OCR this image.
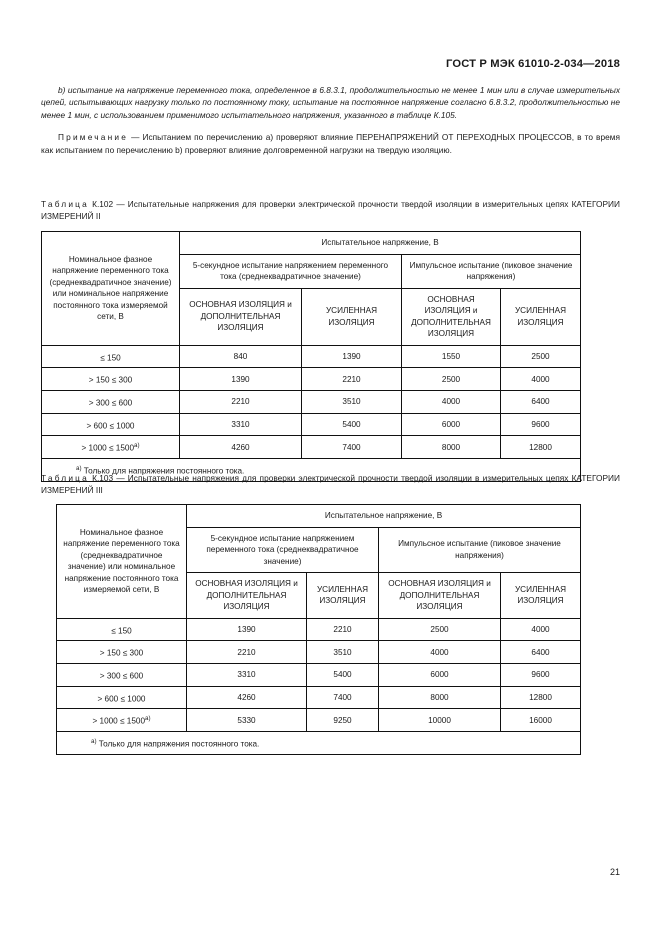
ГОСТ Р МЭК 61010-2-034—2018

b) испытание на напряжение переменного тока, определенное в 6.8.3.1, продолжительностью не менее 1 мин или в случае измерительных цепей, испытывающих нагрузку только по постоянному току, испытание на постоянное напряжение согласно 6.8.3.2, продолжительностью не менее 1 мин, с использованием применимого испытательного напряжения, указанного в таблице К.105.

Примечание — Испытанием по перечислению a) проверяют влияние ПЕРЕНАПРЯЖЕНИЙ ОТ ПЕРЕХОДНЫХ ПРОЦЕССОВ, в то время как испытанием по перечислению b) проверяют влияние долговременной нагрузки на твердую изоляцию.

Таблица К.102 — Испытательные напряжения для проверки электрической прочности твердой изоляции в измерительных цепях КАТЕГОРИИ ИЗМЕРЕНИЙ II
Номинальное фазное напряжение переменного тока (среднеквадратичное значение) или номинальное напряжение постоянного тока измеряемой сети, В	Испытательное напряжение, В			
	5-секундное испытание напряжением переменного тока (среднеквадратичное значение)		Импульсное испытание (пиковое значение напряжения)	
	ОСНОВНАЯ ИЗОЛЯЦИЯ и ДОПОЛНИТЕЛЬНАЯ ИЗОЛЯЦИЯ	УСИЛЕННАЯ ИЗОЛЯЦИЯ	ОСНОВНАЯ ИЗОЛЯЦИЯ и ДОПОЛНИТЕЛЬНАЯ ИЗОЛЯЦИЯ	УСИЛЕННАЯ ИЗОЛЯЦИЯ
≤ 150	840	1390	1550	2500
> 150 ≤ 300	1390	2210	2500	4000
> 300 ≤ 600	2210	3510	4000	6400
> 600 ≤ 1000	3310	5400	6000	9600
> $1000 \le 1500^{a)}$	4260	7400	8000	12800
$^{a)}$ Только для напряжения постоянного тока.				
Таблица К.103 — Испытательные напряжения для проверки электрической прочности твердой изоляции в измерительных цепях КАТЕГОРИИ ИЗМЕРЕНИЙ III
Номинальное фазное напряжение переменного тока (среднеквадратичное значение) или номинальное напряжение постоянного тока измеряемой сети, В	Испытательное напряжение, В			
	5-секундное испытание напряжением переменного тока (среднеквадратичное значение)		Импульсное испытание (пиковое значение напряжения)	
	ОСНОВНАЯ ИЗОЛЯЦИЯ и ДОПОЛНИТЕЛЬНАЯ ИЗОЛЯЦИЯ	УСИЛЕННАЯ ИЗОЛЯЦИЯ	ОСНОВНАЯ ИЗОЛЯЦИЯ и ДОПОЛНИТЕЛЬНАЯ ИЗОЛЯЦИЯ	УСИЛЕННАЯ ИЗОЛЯЦИЯ
≤ 150	1390	2210	2500	4000
> 150 ≤ 300	2210	3510	4000	6400
> 300 ≤ 600	3310	5400	6000	9600
> 600 ≤ 1000	4260	7400	8000	12800
> $1000 \le 1500^{a)}$	5330	9250	10000	16000
$^{a)}$ Только для напряжения постоянного тока.				
21
